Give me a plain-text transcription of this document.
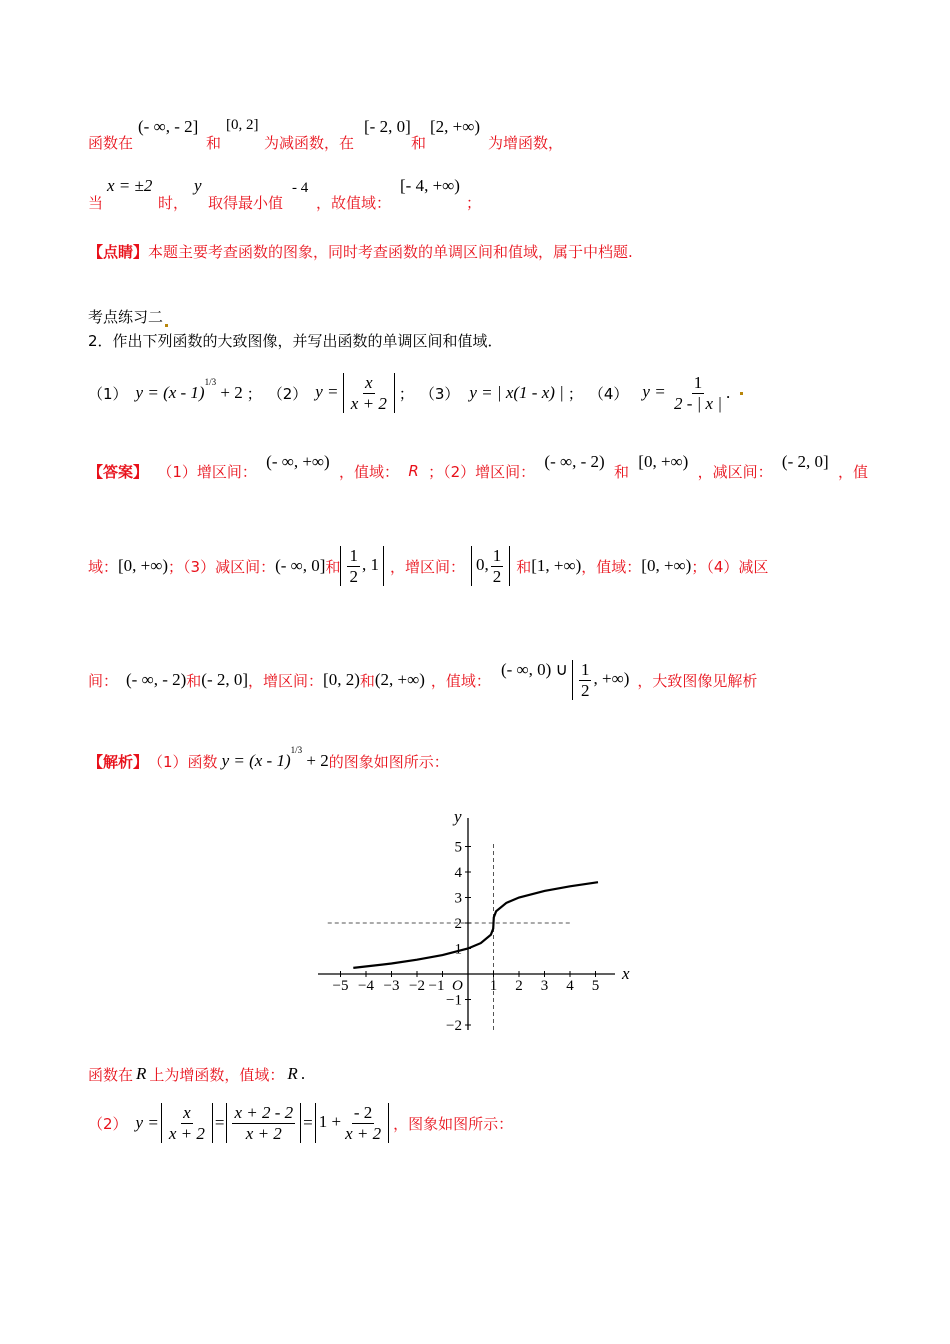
函数在
(- ∞, - 2]
和
[0, 2]
为减函数，在
[- 2, 0]
和
[2, +∞)
为增函数，
当
x = ±2
时，
y
取得最小值
- 4
，故值域：
[- 4, +∞)
；
【点睛】本题主要考查函数的图象，同时考查函数的单调区间和值域，属于中档题.
考点练习二
2．作出下列函数的大致图像，并写出函数的单调区间和值域．
（1） y = (x - 1)$^{1/3}$ + 2 ； （2） $y = \frac{x}{x + 2}$ ； （3） y = | x(1 - x) | ； （4） $y = \frac{1}{2 - | x |}$ .
【答案】 （1）增区间：
(- ∞, +∞)
，值域： R ；（2）增区间：
(- ∞, - 2)
和
[0, +∞)
，减区间：
(- 2, 0]
，值
域： [0, +∞) ；（3）减区间： (- ∞, 0] 和 $\frac{1}{2}$ , 1 ，增区间： 0, $\frac{1}{2}$ 和 [1, +∞) ，值域： [0, +∞) ；（4）减区
间： (- ∞, - 2) 和 (- 2, 0] ，增区间： [0, 2) 和 (2, +∞) ，值域：
(- ∞, 0) ∪ $\frac{1}{2}$ , +∞) ，大致图像见解析
【解析】 （1）函数 y = (x - 1)$^{1/3}$ + 2 的图象如图所示：
−5 −4 −3 −2 −1	1 2 3 4 5
5
4
3
2
1
−1
−2
O
x
y
函数在 R 上为增函数，值域： R .
（2） $y = \frac{x}{x + 2} = \frac{x + 2 - 2}{x + 2} = 1 + \frac{- 2}{x + 2}$ ，图象如图所示：
